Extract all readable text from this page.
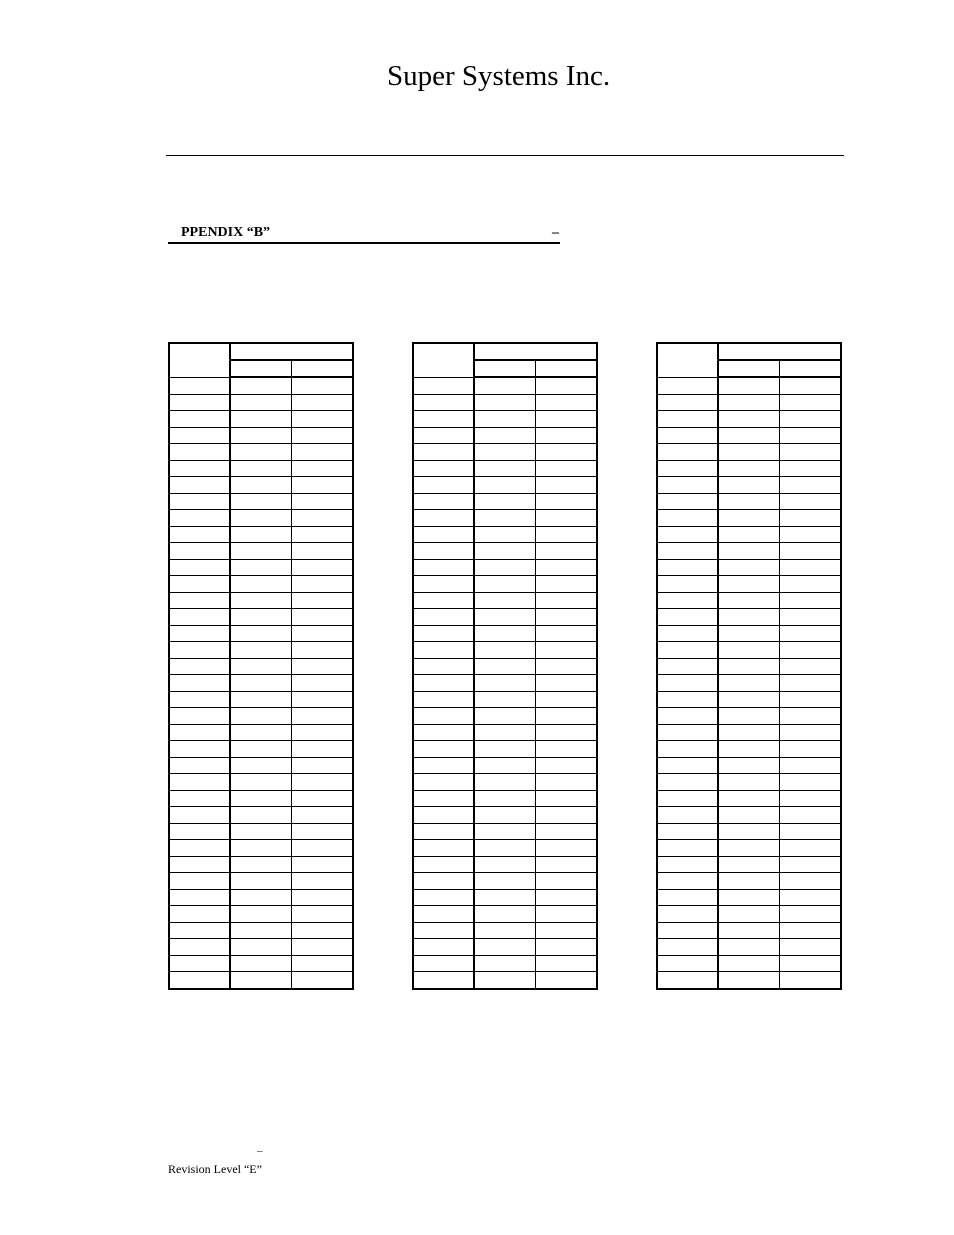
Super Systems Inc.
PPENDIX “B”	–

–
Revision Level “E”
